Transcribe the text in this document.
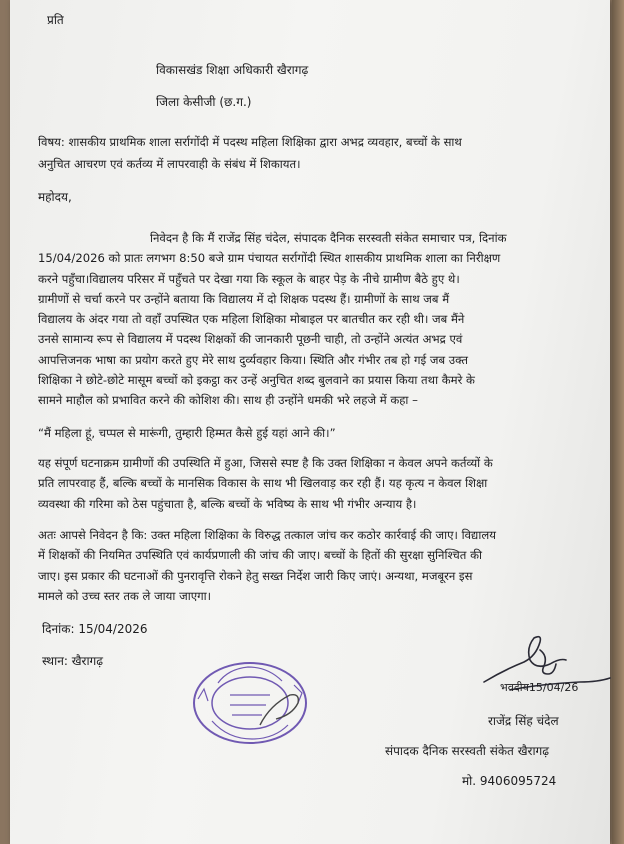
प्रति
विकासखंड शिक्षा अधिकारी खैरागढ़
जिला केसीजी (छ.ग.)
विषय: शासकीय प्राथमिक शाला सर्रागोंदी में पदस्थ महिला शिक्षिका द्वारा अभद्र व्यवहार, बच्चों के साथ
अनुचित आचरण एवं कर्तव्य में लापरवाही के संबंध में शिकायत।
महोदय,
निवेदन है कि मैं राजेंद्र सिंह चंदेल, संपादक दैनिक सरस्वती संकेत समाचार पत्र, दिनांक
15/04/2026 को प्रातः लगभग 8:50 बजे ग्राम पंचायत सर्रागोंदी स्थित शासकीय प्राथमिक शाला का निरीक्षण
करने पहुँचा।विद्यालय परिसर में पहुँचते पर देखा गया कि स्कूल के बाहर पेड़ के नीचे ग्रामीण बैठे हुए थे।
ग्रामीणों से चर्चा करने पर उन्होंने बताया कि विद्यालय में दो शिक्षक पदस्थ हैं। ग्रामीणों के साथ जब मैं
विद्यालय के अंदर गया तो वहाँ उपस्थित एक महिला शिक्षिका मोबाइल पर बातचीत कर रही थी। जब मैंने
उनसे सामान्य रूप से विद्यालय में पदस्थ शिक्षकों की जानकारी पूछनी चाही, तो उन्होंने अत्यंत अभद्र एवं
आपत्तिजनक भाषा का प्रयोग करते हुए मेरे साथ दुर्व्यवहार किया। स्थिति और गंभीर तब हो गई जब उक्त
शिक्षिका ने छोटे-छोटे मासूम बच्चों को इकट्ठा कर उन्हें अनुचित शब्द बुलवाने का प्रयास किया तथा कैमरे के
सामने माहौल को प्रभावित करने की कोशिश की। साथ ही उन्होंने धमकी भरे लहजे में कहा –
“मैं महिला हूं, चप्पल से मारूंगी, तुम्हारी हिम्मत कैसे हुई यहां आने की।”
यह संपूर्ण घटनाक्रम ग्रामीणों की उपस्थिति में हुआ, जिससे स्पष्ट है कि उक्त शिक्षिका न केवल अपने कर्तव्यों के
प्रति लापरवाह हैं, बल्कि बच्चों के मानसिक विकास के साथ भी खिलवाड़ कर रही हैं। यह कृत्य न केवल शिक्षा
व्यवस्था की गरिमा को ठेस पहुंचाता है, बल्कि बच्चों के भविष्य के साथ भी गंभीर अन्याय है।
अतः आपसे निवेदन है कि: उक्त महिला शिक्षिका के विरुद्ध तत्काल जांच कर कठोर कार्रवाई की जाए। विद्यालय
में शिक्षकों की नियमित उपस्थिति एवं कार्यप्रणाली की जांच की जाए। बच्चों के हितों की सुरक्षा सुनिश्चित की
जाए। इस प्रकार की घटनाओं की पुनरावृत्ति रोकने हेतु सख्त निर्देश जारी किए जाएं। अन्यथा, मजबूरन इस
मामले को उच्च स्तर तक ले जाया जाएगा।
दिनांक: 15/04/2026
स्थान: खैरागढ़
भवदीय15/04/26
राजेंद्र सिंह चंदेल
संपादक दैनिक सरस्वती संकेत खैरागढ़
मो. 9406095724
